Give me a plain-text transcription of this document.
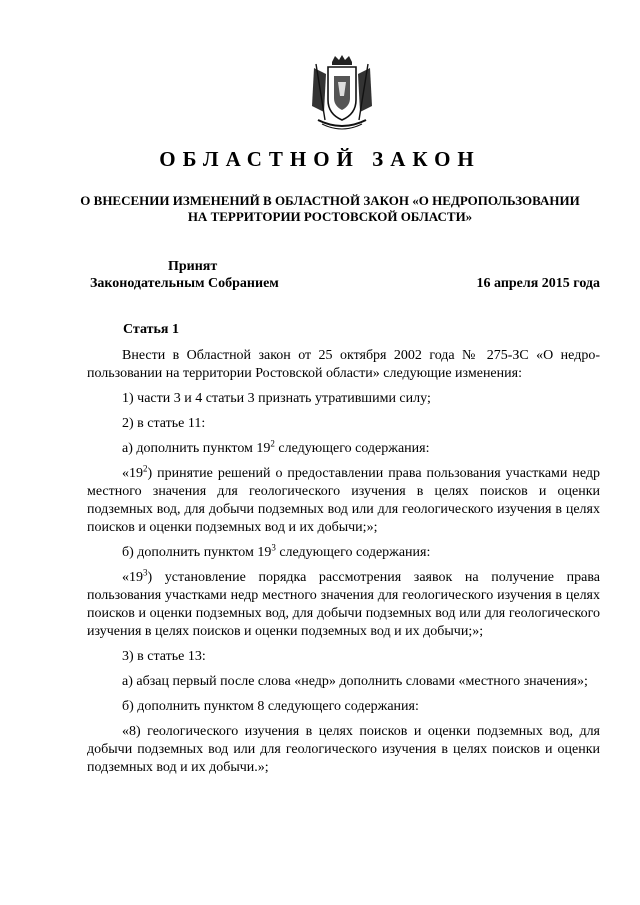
ОБЛАСТНОЙ ЗАКОН
О ВНЕСЕНИИ ИЗМЕНЕНИЙ В ОБЛАСТНОЙ ЗАКОН «О НЕДРОПОЛЬЗОВАНИИ
НА ТЕРРИТОРИИ РОСТОВСКОЙ ОБЛАСТИ»
Принят
Законодательным Собранием	16 апреля 2015 года
Статья 1

Внести в Областной закон от 25 октября 2002 года № 275-ЗС «О недропользовании на территории Ростовской области» следующие изменения:

1) части 3 и 4 статьи 3 признать утратившими силу;

2) в статье 11:

а) дополнить пунктом $19^2$ следующего содержания:

«$19^2$) принятие решений о предоставлении права пользования участками недр местного значения для геологического изучения в целях поисков и оценки подземных вод, для добычи подземных вод или для геологического изучения в целях поисков и оценки подземных вод и их добычи;»;

б) дополнить пунктом $19^3$ следующего содержания:

«$19^3$) установление порядка рассмотрения заявок на получение права пользования участками недр местного значения для геологического изучения в целях поисков и оценки подземных вод, для добычи подземных вод или для геологического изучения в целях поисков и оценки подземных вод и их добычи;»;

3) в статье 13:

а) абзац первый после слова «недр» дополнить словами «местного значения»;

б) дополнить пунктом 8 следующего содержания:

«8) геологического изучения в целях поисков и оценки подземных вод, для добычи подземных вод или для геологического изучения в целях поисков и оценки подземных вод и их добычи.»;
